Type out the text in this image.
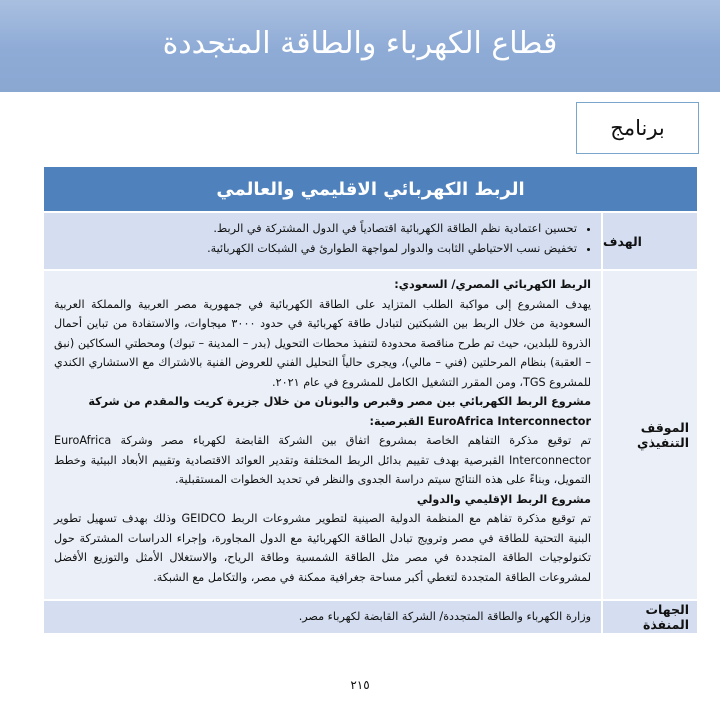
قطاع الكهرباء والطاقة المتجددة
برنامج
الربط الكهربائي الاقليمي والعالمي
الهدف
• تحسين اعتمادية نظم الطاقة الكهربائية اقتصادياً في الدول المشتركة في الربط.
• تخفيض نسب الاحتياطي الثابت والدوار لمواجهة الطوارئ في الشبكات الكهربائية.
الموقف التنفيذي
الربط الكهربائي المصري/ السعودي:
يهدف المشروع إلى مواكبة الطلب المتزايد على الطاقة الكهربائية في جمهورية مصر العربية والمملكة العربية السعودية من خلال الربط بين الشبكتين لتبادل طاقة كهربائية في حدود ٣٠٠٠ ميجاوات، والاستفادة من تباين أحمال الذروة للبلدين، حيث تم طرح مناقصة محدودة لتنفيذ محطات التحويل (بدر – المدينة – تبوك) ومحطتي السكاكين (نبق – العقبة) بنظام المرحلتين (فني – مالي)، ويجرى حالياً التحليل الفني للعروض الفنية بالاشتراك مع الاستشاري الكندي للمشروع TGS، ومن المقرر التشغيل الكامل للمشروع في عام ٢٠٢١.
مشروع الربط الكهربائي بين مصر وقبرص واليونان من خلال جزيرة كريت والمقدم من شركة EuroAfrica Interconnector القبرصية:
تم توقيع مذكرة التفاهم الخاصة بمشروع اتفاق بين الشركة القابضة لكهرباء مصر وشركة EuroAfrica Interconnector القبرصية بهدف تقييم بدائل الربط المختلفة وتقدير العوائد الاقتصادية وتقييم الأبعاد البيئية وخطط التمويل، وبناءً على هذه النتائج سيتم دراسة الجدوى والنظر في تحديد الخطوات المستقبلية.
مشروع الربط الإقليمي والدولي
تم توقيع مذكرة تفاهم مع المنظمة الدولية الصينية لتطوير مشروعات الربط GEIDCO وذلك بهدف تسهيل تطوير البنية التحتية للطاقة في مصر وترويج تبادل الطاقة الكهربائية مع الدول المجاورة، وإجراء الدراسات المشتركة حول تكنولوجيات الطاقة المتجددة في مصر مثل الطاقة الشمسية وطاقة الرياح، والاستغلال الأمثل والتوزيع الأفضل لمشروعات الطاقة المتجددة لتغطي أكبر مساحة جغرافية ممكنة في مصر، والتكامل مع الشبكة.
الجهات المنفذة
وزارة الكهرباء والطاقة المتجددة/ الشركة القابضة لكهرباء مصر.
٢١٥
